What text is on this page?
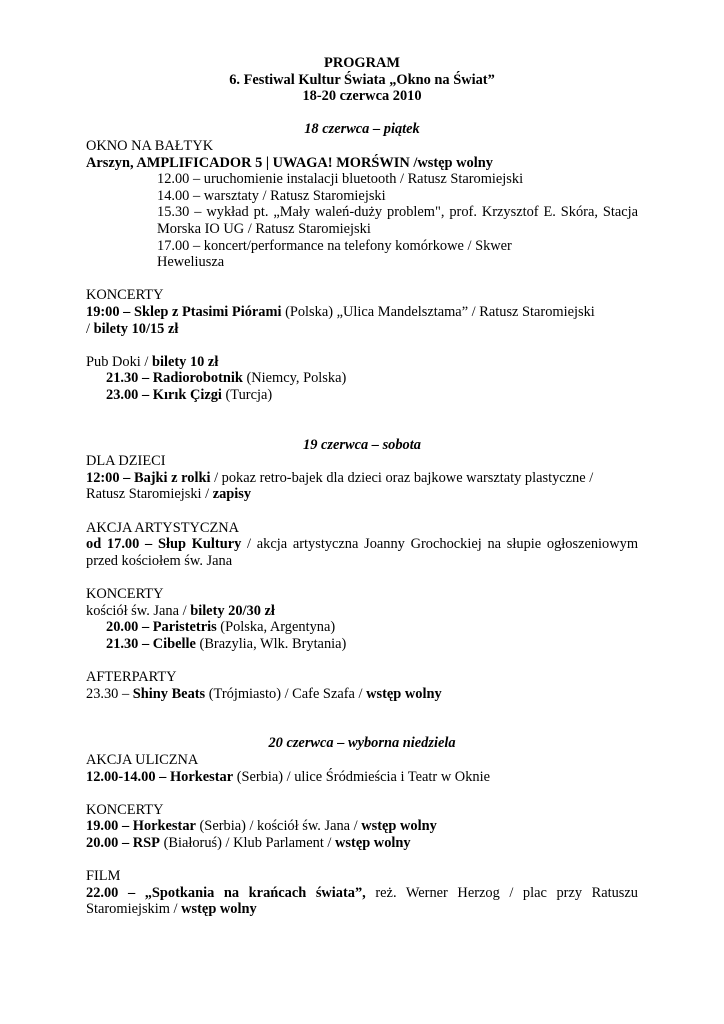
PROGRAM
6. Festiwal Kultur Świata „Okno na Świat”
18-20 czerwca 2010
18 czerwca – piątek
OKNO NA BAŁTYK
Arszyn, AMPLIFICADOR 5 | UWAGA! MORŚWIN /wstęp wolny
12.00 – uruchomienie instalacji bluetooth / Ratusz Staromiejski
14.00 – warsztaty / Ratusz Staromiejski
15.30 – wykład pt. „Mały waleń-duży problem", prof. Krzysztof E. Skóra, Stacja Morska IO UG / Ratusz Staromiejski
17.00 – koncert/performance na telefony komórkowe / Skwer Heweliusza
KONCERTY
19:00 – Sklep z Ptasimi Piórami (Polska) „Ulica Mandelsztama” / Ratusz Staromiejski / bilety 10/15 zł
Pub Doki / bilety 10 zł
21.30 – Radiorobotnik (Niemcy, Polska)
23.00 – Kırık Çizgi (Turcja)
19 czerwca – sobota
DLA DZIECI
12:00 – Bajki z rolki / pokaz retro-bajek dla dzieci oraz bajkowe warsztaty plastyczne / Ratusz Staromiejski / zapisy
AKCJA ARTYSTYCZNA
od 17.00 – Słup Kultury / akcja artystyczna Joanny Grochockiej na słupie ogłoszeniowym przed kościołem św. Jana
KONCERTY
kościół św. Jana / bilety 20/30 zł
20.00 – Paristetris (Polska, Argentyna)
21.30 – Cibelle (Brazylia, Wlk. Brytania)
AFTERPARTY
23.30 – Shiny Beats (Trójmiasto) / Cafe Szafa / wstęp wolny
20 czerwca – wyborna niedziela
AKCJA ULICZNA
12.00-14.00 – Horkestar (Serbia) / ulice Śródmieścia i Teatr w Oknie
KONCERTY
19.00 – Horkestar (Serbia) / kościół św. Jana / wstęp wolny
20.00 – RSP (Białoruś) / Klub Parlament / wstęp wolny
FILM
22.00 – „Spotkania na krańcach świata”, reż. Werner Herzog / plac przy Ratuszu Staromiejskim / wstęp wolny
